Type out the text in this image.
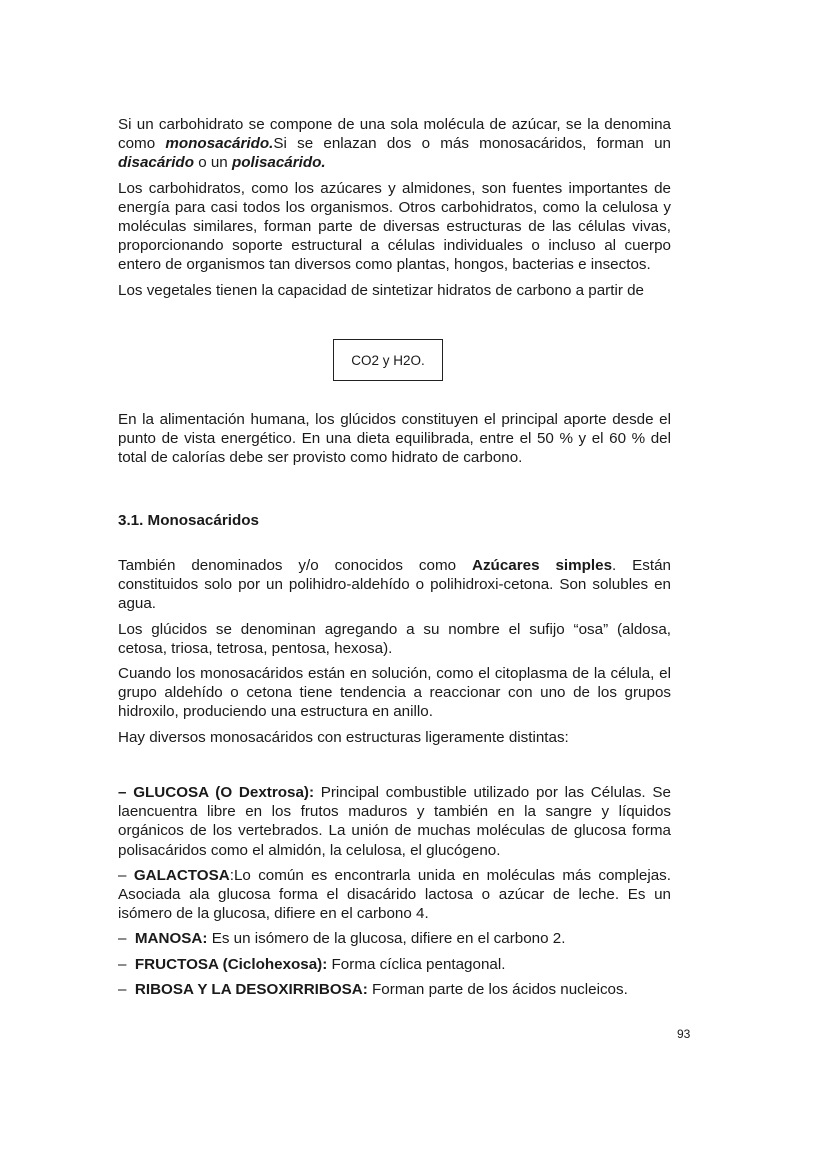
Si un carbohidrato se compone de una sola molécula de azúcar, se la denomina como monosacárido.Si se enlazan dos o más monosacáridos, forman un disacárido o un polisacárido.

Los carbohidratos, como los azúcares y almidones, son fuentes importantes de energía para casi todos los organismos. Otros carbohidratos, como la celulosa y moléculas similares, forman parte de diversas estructuras de las células vivas, proporcionando soporte estructural a células individuales o incluso al cuerpo entero de organismos tan diversos como plantas, hongos, bacterias e insectos.

Los vegetales tienen la capacidad de sintetizar hidratos de carbono a partir de

CO2 y H2O.

En la alimentación humana, los glúcidos constituyen el principal aporte desde el punto de vista energético. En una dieta equilibrada, entre el 50 % y el 60 % del total de calorías debe ser provisto como hidrato de carbono.

3.1. Monosacáridos

También denominados y/o conocidos como Azúcares simples. Están constituidos solo por un polihidro-aldehído o polihidroxi-cetona. Son solubles en agua.

Los glúcidos se denominan agregando a su nombre el sufijo “osa” (aldosa, cetosa, triosa, tetrosa, pentosa, hexosa).

Cuando los monosacáridos están en solución, como el citoplasma de la célula, el grupo aldehído o cetona tiene tendencia a reaccionar con uno de los grupos hidroxilo, produciendo una estructura en anillo.

Hay diversos monosacáridos con estructuras ligeramente distintas:

– GLUCOSA (O Dextrosa): Principal combustible utilizado por las Células. Se laencuentra libre en los frutos maduros y también en la sangre y líquidos orgánicos de los vertebrados. La unión de muchas moléculas de glucosa forma polisacáridos como el almidón, la celulosa, el glucógeno.

– GALACTOSA:Lo común es encontrarla unida en moléculas más complejas. Asociada ala glucosa forma el disacárido lactosa o azúcar de leche. Es un isómero de la glucosa, difiere en el carbono 4.

– MANOSA: Es un isómero de la glucosa, difiere en el carbono 2.

– FRUCTOSA (Ciclohexosa): Forma cíclica pentagonal.

– RIBOSA Y LA DESOXIRRIBOSA: Forman parte de los ácidos nucleicos.

93
